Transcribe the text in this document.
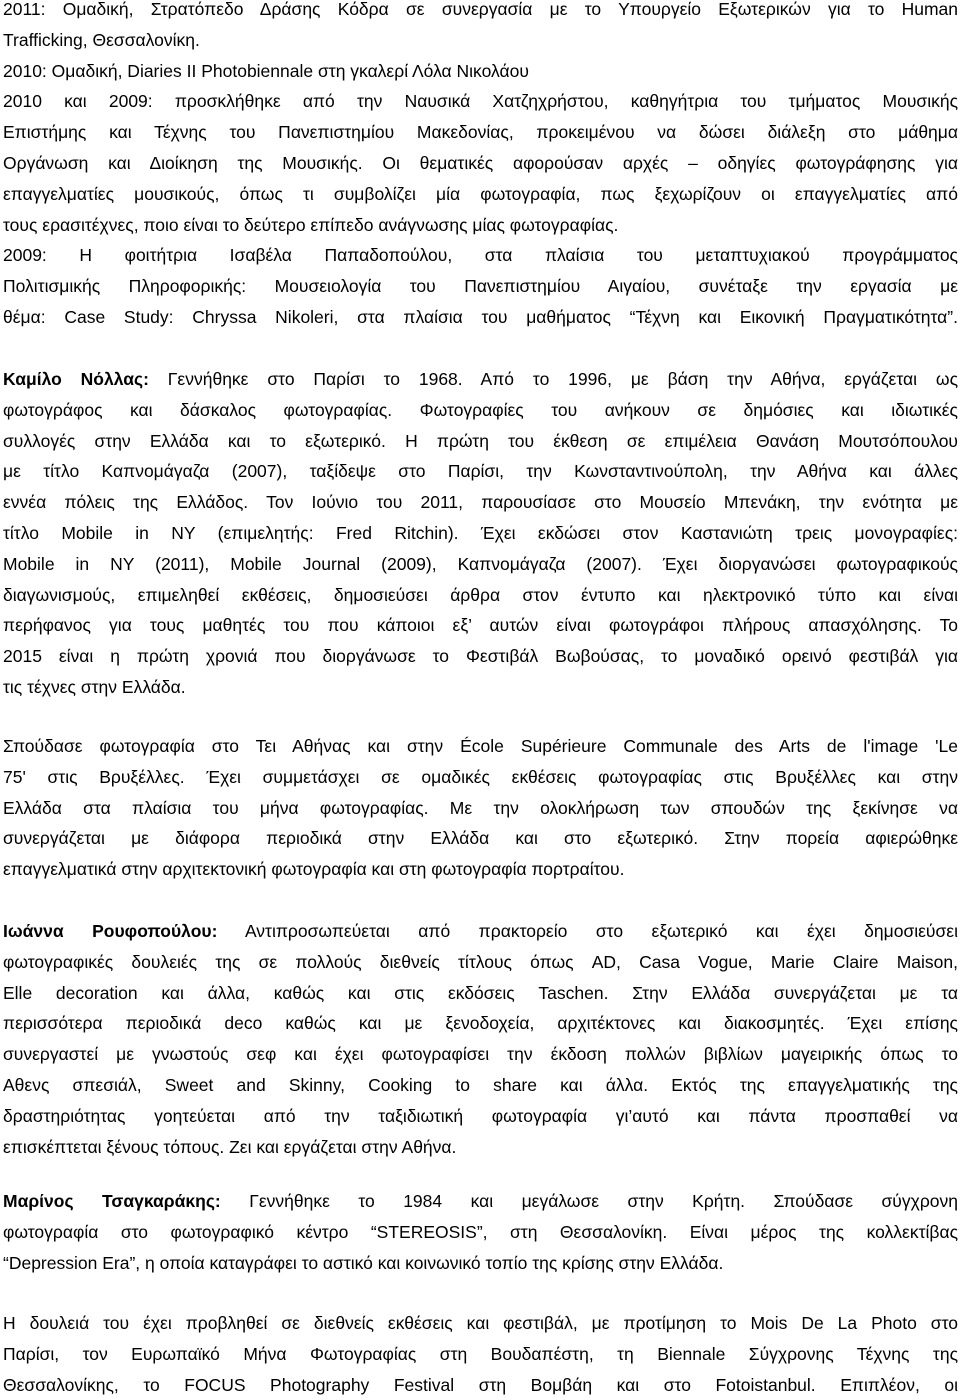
2011: Ομαδική, Στρατόπεδο Δράσης Κόδρα σε συνεργασία με το Υπουργείο Εξωτερικών για το Human
Trafficking, Θεσσαλονίκη.
2010: Ομαδική, Diaries II Photobiennale στη γκαλερί Λόλα Νικολάου
2010 και 2009: προσκλήθηκε από την Ναυσικά Χατζηχρήστου, καθηγήτρια του τμήματος Μουσικής
Επιστήμης και Τέχνης του Πανεπιστημίου Μακεδονίας, προκειμένου να δώσει διάλεξη στο μάθημα
Οργάνωση και Διοίκηση της Μουσικής. Οι θεματικές αφορούσαν αρχές – οδηγίες φωτογράφησης για
επαγγελματίες μουσικούς, όπως τι συμβολίζει μία φωτογραφία, πως ξεχωρίζουν οι επαγγελματίες από
τους ερασιτέχνες, ποιο είναι το δεύτερο επίπεδο ανάγνωσης μίας φωτογραφίας.
2009: Η φοιτήτρια Ισαβέλα Παπαδοπούλου, στα πλαίσια του μεταπτυχιακού προγράμματος
Πολιτισμικής Πληροφορικής: Μουσειολογία του Πανεπιστημίου Αιγαίου, συνέταξε την εργασία με
θέμα: Case Study: Chryssa Nikoleri, στα πλαίσια του μαθήματος “Τέχνη και Εικονική Πραγματικότητα”.
Καμίλο Νόλλας: Γεννήθηκε στο Παρίσι το 1968. Από το 1996, με βάση την Αθήνα, εργάζεται ως
φωτογράφος και δάσκαλος φωτογραφίας. Φωτογραφίες του ανήκουν σε δημόσιες και ιδιωτικές
συλλογές στην Ελλάδα και το εξωτερικό. Η πρώτη του έκθεση σε επιμέλεια Θανάση Μουτσόπουλου
με τίτλο Καπνομάγαζα (2007), ταξίδεψε στο Παρίσι, την Κωνσταντινούπολη, την Αθήνα και άλλες
εννέα πόλεις της Ελλάδος. Τον Ιούνιο του 2011, παρουσίασε στο Μουσείο Μπενάκη, την ενότητα με
τίτλο Mobile in NY (επιμελητής: Fred Ritchin). Έχει εκδώσει στον Καστανιώτη τρεις μονογραφίες:
Mobile in NY (2011), Mobile Journal (2009), Καπνομάγαζα (2007). Έχει διοργανώσει φωτογραφικούς
διαγωνισμούς, επιμεληθεί εκθέσεις, δημοσιεύσει άρθρα στον έντυπο και ηλεκτρονικό τύπο και είναι
περήφανος για τους μαθητές του που κάποιοι εξ’ αυτών είναι φωτογράφοι πλήρους απασχόλησης. Το
2015 είναι η πρώτη χρονιά που διοργάνωσε το Φεστιβάλ Βωβούσας, το μοναδικό ορεινό φεστιβάλ για
τις τέχνες στην Ελλάδα.
Σπούδασε φωτογραφία στο Τει Αθήνας και στην École Supérieure Communale des Arts de l'image 'Le
75' στις Βρυξέλλες. Έχει συμμετάσχει σε ομαδικές εκθέσεις φωτογραφίας στις Βρυξέλλες και στην
Ελλάδα στα πλαίσια του μήνα φωτογραφίας. Με την ολοκλήρωση των σπουδών της ξεκίνησε να
συνεργάζεται με διάφορα περιοδικά στην Ελλάδα και στο εξωτερικό. Στην πορεία αφιερώθηκε
επαγγελματικά στην αρχιτεκτονική φωτογραφία και στη φωτογραφία πορτραίτου.
Ιωάννα Ρουφοπούλου: Αντιπροσωπεύεται από πρακτορείο στο εξωτερικό και έχει δημοσιεύσει
φωτογραφικές δουλειές της σε πολλούς διεθνείς τίτλους όπως AD, Casa Vogue, Marie Claire Maison,
Elle decoration και άλλα, καθώς και στις εκδόσεις Taschen. Στην Ελλάδα συνεργάζεται με τα
περισσότερα περιοδικά deco καθώς και με ξενοδοχεία, αρχιτέκτονες και διακοσμητές. Έχει επίσης
συνεργαστεί με γνωστούς σεφ και έχει φωτογραφίσει την έκδοση πολλών βιβλίων μαγειρικής όπως το
Αθενς σπεσιάλ, Sweet and Skinny, Cooking to share και άλλα. Εκτός της επαγγελματικής της
δραστηριότητας γοητεύεται από την ταξιδιωτική φωτογραφία γι’αυτό και πάντα προσπαθεί να
επισκέπτεται ξένους τόπους. Ζει και εργάζεται στην Αθήνα.
Μαρίνος Τσαγκαράκης: Γεννήθηκε το 1984 και μεγάλωσε στην Κρήτη. Σπούδασε σύγχρονη
φωτογραφία στο φωτογραφικό κέντρο “STEREOSIS”, στη Θεσσαλονίκη. Είναι μέρος της κολλεκτίβας
“Depression Era”, η οποία καταγράφει το αστικό και κοινωνικό τοπίο της κρίσης στην Ελλάδα.
Η δουλειά του έχει προβληθεί σε διεθνείς εκθέσεις και φεστιβάλ, με προτίμηση το Mois De La Photo στο
Παρίσι, τον Ευρωπαϊκό Μήνα Φωτογραφίας στη Βουδαπέστη, τη Biennale Σύγχρονης Τέχνης της
Θεσσαλονίκης, το FOCUS Photography Festival στη Βομβάη και στο Fotoistanbul. Επιπλέον, οι
